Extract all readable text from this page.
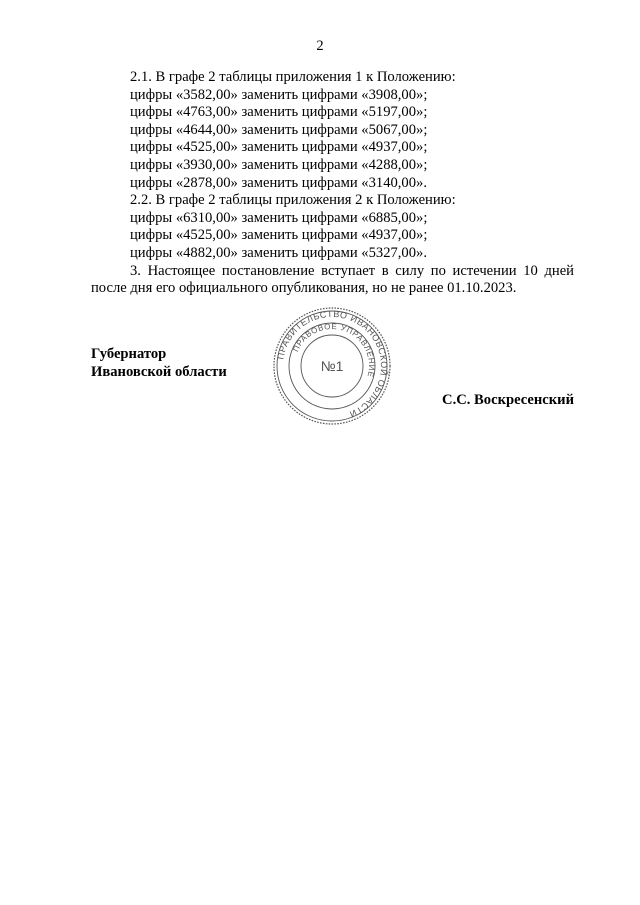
2
2.1. В графе 2 таблицы приложения 1 к Положению:
цифры «3582,00» заменить цифрами «3908,00»;
цифры «4763,00» заменить цифрами «5197,00»;
цифры «4644,00» заменить цифрами «5067,00»;
цифры «4525,00» заменить цифрами «4937,00»;
цифры «3930,00» заменить цифрами «4288,00»;
цифры «2878,00» заменить цифрами «3140,00».
2.2. В графе 2 таблицы приложения 2 к Положению:
цифры «6310,00» заменить цифрами «6885,00»;
цифры «4525,00» заменить цифрами «4937,00»;
цифры «4882,00» заменить цифрами «5327,00».
3. Настоящее постановление вступает в силу по истечении 10 дней
после дня его официального опубликования, но не ранее 01.10.2023.
Губернатор
Ивановской области
С.С. Воскресенский
ПРАВИТЕЛЬСТВО ИВАНОВСКОЙ ОБЛАСТИ
ПРАВОВОЕ УПРАВЛЕНИЕ
№1
